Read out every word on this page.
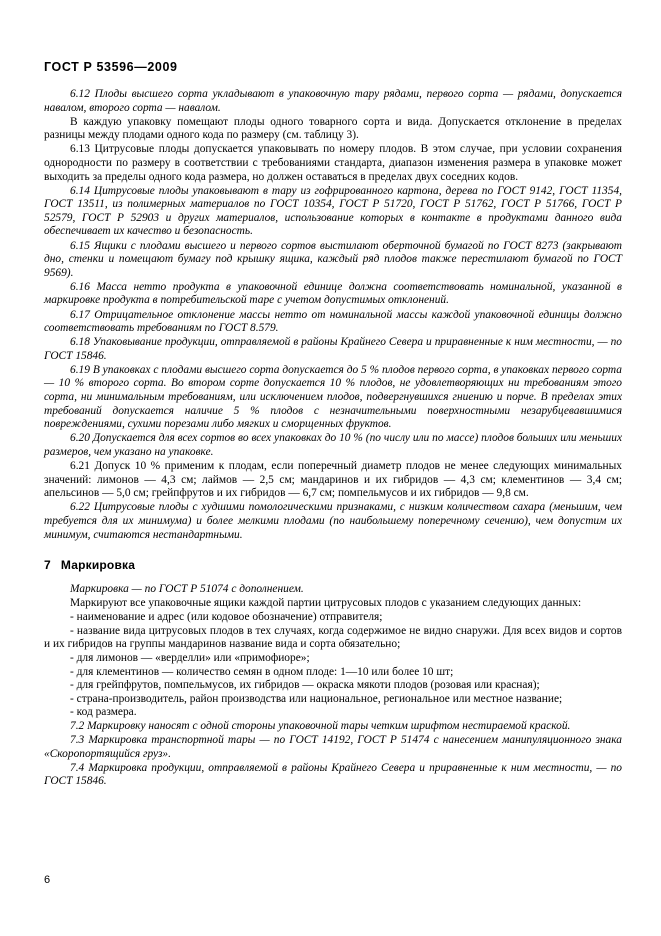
ГОСТ Р 53596—2009

6.12 Плоды высшего сорта укладывают в упаковочную тару рядами, первого сорта — рядами, допускается навалом, второго сорта — навалом.

В каждую упаковку помещают плоды одного товарного сорта и вида. Допускается отклонение в пределах разницы между плодами одного кода по размеру (см. таблицу 3).

6.13 Цитрусовые плоды допускается упаковывать по номеру плодов. В этом случае, при условии сохранения однородности по размеру в соответствии с требованиями стандарта, диапазон изменения размера в упаковке может выходить за пределы одного кода размера, но должен оставаться в пределах двух соседних кодов.

6.14 Цитрусовые плоды упаковывают в тару из гофрированного картона, дерева по ГОСТ 9142, ГОСТ 11354, ГОСТ 13511, из полимерных материалов по ГОСТ 10354, ГОСТ Р 51720, ГОСТ Р 51762, ГОСТ Р 51766, ГОСТ Р 52579, ГОСТ Р 52903 и других материалов, использование которых в контакте в продуктами данного вида обеспечивает их качество и безопасность.

6.15 Ящики с плодами высшего и первого сортов выстилают оберточной бумагой по ГОСТ 8273 (закрывают дно, стенки и помещают бумагу под крышку ящика, каждый ряд плодов также перестилают бумагой по ГОСТ 9569).

6.16 Масса нетто продукта в упаковочной единице должна соответствовать номинальной, указанной в маркировке продукта в потребительской таре с учетом допустимых отклонений.

6.17 Отрицательное отклонение массы нетто от номинальной массы каждой упаковочной единицы должно соответствовать требованиям по ГОСТ 8.579.

6.18 Упаковывание продукции, отправляемой в районы Крайнего Севера и приравненные к ним местности, — по ГОСТ 15846.

6.19 В упаковках с плодами высшего сорта допускается до 5 % плодов первого сорта, в упаковках первого сорта — 10 % второго сорта. Во втором сорте допускается 10 % плодов, не удовлетворяющих ни требованиям этого сорта, ни минимальным требованиям, или исключением плодов, подвергнувшихся гниению и порче. В пределах этих требований допускается наличие 5 % плодов с незначительными поверхностными незарубцевавшимися повреждениями, сухими порезами либо мягких и сморщенных фруктов.

6.20 Допускается для всех сортов во всех упаковках до 10 % (по числу или по массе) плодов больших или меньших размеров, чем указано на упаковке.

6.21 Допуск 10 % применим к плодам, если поперечный диаметр плодов не менее следующих минимальных значений: лимонов — 4,3 см; лаймов — 2,5 см; мандаринов и их гибридов — 4,3 см; клементинов — 3,4 см; апельсинов — 5,0 см; грейпфрутов и их гибридов — 6,7 см; помпельмусов и их гибридов — 9,8 см.

6.22 Цитрусовые плоды с худшими помологическими признаками, с низким количеством сахара (меньшим, чем требуется для их минимума) и более мелкими плодами (по наибольшему поперечному сечению), чем допустим их минимум, считаются нестандартными.

7 Маркировка

Маркировка — по ГОСТ Р 51074 с дополнением.

Маркируют все упаковочные ящики каждой партии цитрусовых плодов с указанием следующих данных:

- наименование и адрес (или кодовое обозначение) отправителя;

- название вида цитрусовых плодов в тех случаях, когда содержимое не видно снаружи. Для всех видов и сортов и их гибридов на группы мандаринов название вида и сорта обязательно;

- для лимонов — «верделли» или «примофиоре»;

- для клементинов — количество семян в одном плоде: 1—10 или более 10 шт;

- для грейпфрутов, помпельмусов, их гибридов — окраска мякоти плодов (розовая или красная);

- страна-производитель, район производства или национальное, региональное или местное название;

- код размера.

7.2 Маркировку наносят с одной стороны упаковочной тары четким шрифтом нестираемой краской.

7.3 Маркировка транспортной тары — по ГОСТ 14192, ГОСТ Р 51474 с нанесением манипуляционного знака «Скоропортящийся груз».

7.4 Маркировка продукции, отправляемой в районы Крайнего Севера и приравненные к ним местности, — по ГОСТ 15846.

6
